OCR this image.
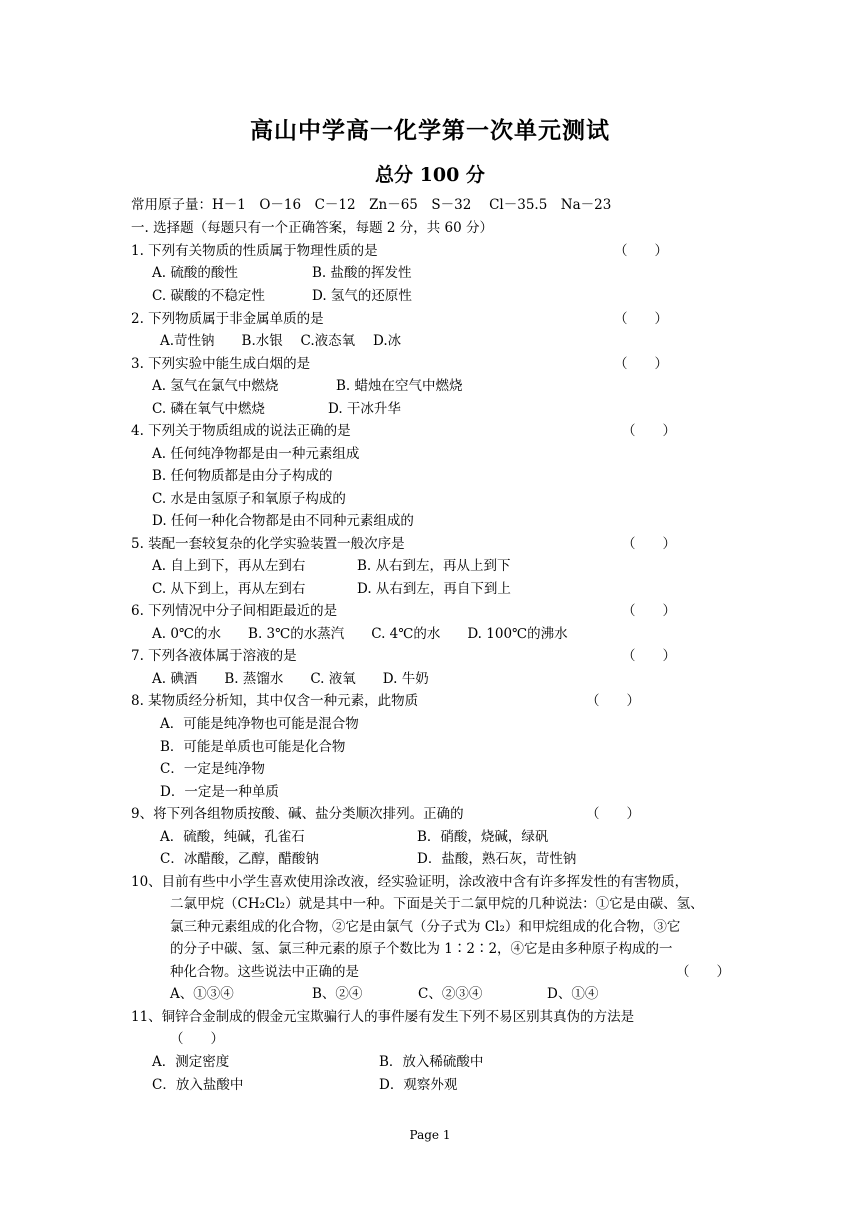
高山中学高一化学第一次单元测试
总分 100 分
常用原子量：H－1　O－16　C－12　Zn－65　S－32　 Cl－35.5　Na－23
一. 选择题（每题只有一个正确答案，每题 2 分，共 60 分）
1. 下列有关物质的性质属于物理性质的是	（　　）
A. 硫酸的酸性	B. 盐酸的挥发性
C. 碳酸的不稳定性	D. 氢气的还原性
2. 下列物质属于非金属单质的是	（　　）
A.苛性钠　　B.水银　 C.液态氧　 D.冰
3. 下列实验中能生成白烟的是	（　　）
A. 氢气在氯气中燃烧	B. 蜡烛在空气中燃烧
C. 磷在氧气中燃烧	D. 干冰升华
4. 下列关于物质组成的说法正确的是	（　　）
A. 任何纯净物都是由一种元素组成
B. 任何物质都是由分子构成的
C. 水是由氢原子和氧原子构成的
D. 任何一种化合物都是由不同种元素组成的
5. 装配一套较复杂的化学实验装置一般次序是	（　　）
A. 自上到下，再从左到右	B. 从右到左，再从上到下
C. 从下到上，再从左到右	D. 从右到左，再自下到上
6. 下列情况中分子间相距最近的是	（　　）
A. 0℃的水　　B. 3℃的水蒸汽　　C. 4℃的水　　D. 100℃的沸水
7. 下列各液体属于溶液的是	（　　）
A. 碘酒　　B. 蒸馏水　　C. 液氧　　D. 牛奶
8. 某物质经分析知，其中仅含一种元素，此物质	（　　）
A．可能是纯净物也可能是混合物
B．可能是单质也可能是化合物
C．一定是纯净物
D．一定是一种单质
9、将下列各组物质按酸、碱、盐分类顺次排列。正确的	（　　）
A．硫酸，纯碱，孔雀石	B．硝酸，烧碱，绿矾
C．冰醋酸，乙醇，醋酸钠	D．盐酸，熟石灰，苛性钠
10、目前有些中小学生喜欢使用涂改液，经实验证明，涂改液中含有许多挥发性的有害物质，
二氯甲烷（CH₂Cl₂）就是其中一种。下面是关于二氯甲烷的几种说法：①它是由碳、氢、
氯三种元素组成的化合物，②它是由氯气（分子式为 Cl₂）和甲烷组成的化合物，③它
的分子中碳、氢、氯三种元素的原子个数比为 1∶2∶2，④它是由多种原子构成的一
种化合物。这些说法中正确的是	（　　）
A、①③④	B、②④	C、②③④	D、①④
11、铜锌合金制成的假金元宝欺骗行人的事件屡有发生下列不易区别其真伪的方法是
（　　）
A．测定密度	B．放入稀硫酸中
C．放入盐酸中	D．观察外观
Page 1
